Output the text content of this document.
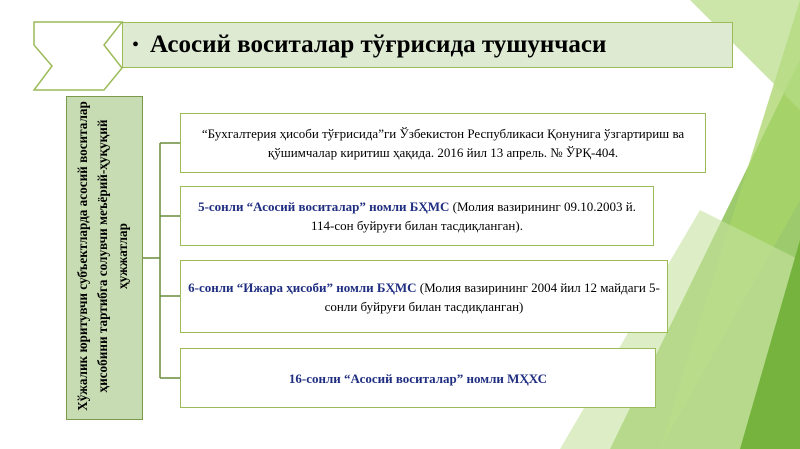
• Асосий воситалар тўғрисида тушунчаси
Хўжалик юритувчи субъектларда асосий воситалар ҳисобини тартибга солувчи меъёрий-ҳуқуқий ҳужжатлар
“Бухгалтерия ҳисоби тўғрисида”ги Ўзбекистон Республикаси Қонунига ўзгартириш ва қўшимчалар киритиш ҳақида. 2016 йил 13 апрель. № ЎРҚ-404.
5-сонли “Асосий воситалар” номли БҲМС (Молия вазирининг 09.10.2003 й. 114-сон буйруғи билан тасдиқланган).
6-сонли “Ижара ҳисоби” номли БҲМС (Молия вазирининг 2004 йил 12 майдаги 5-сонли буйруғи билан тасдиқланган)
16-сонли “Асосий воситалар” номли МҲХС
